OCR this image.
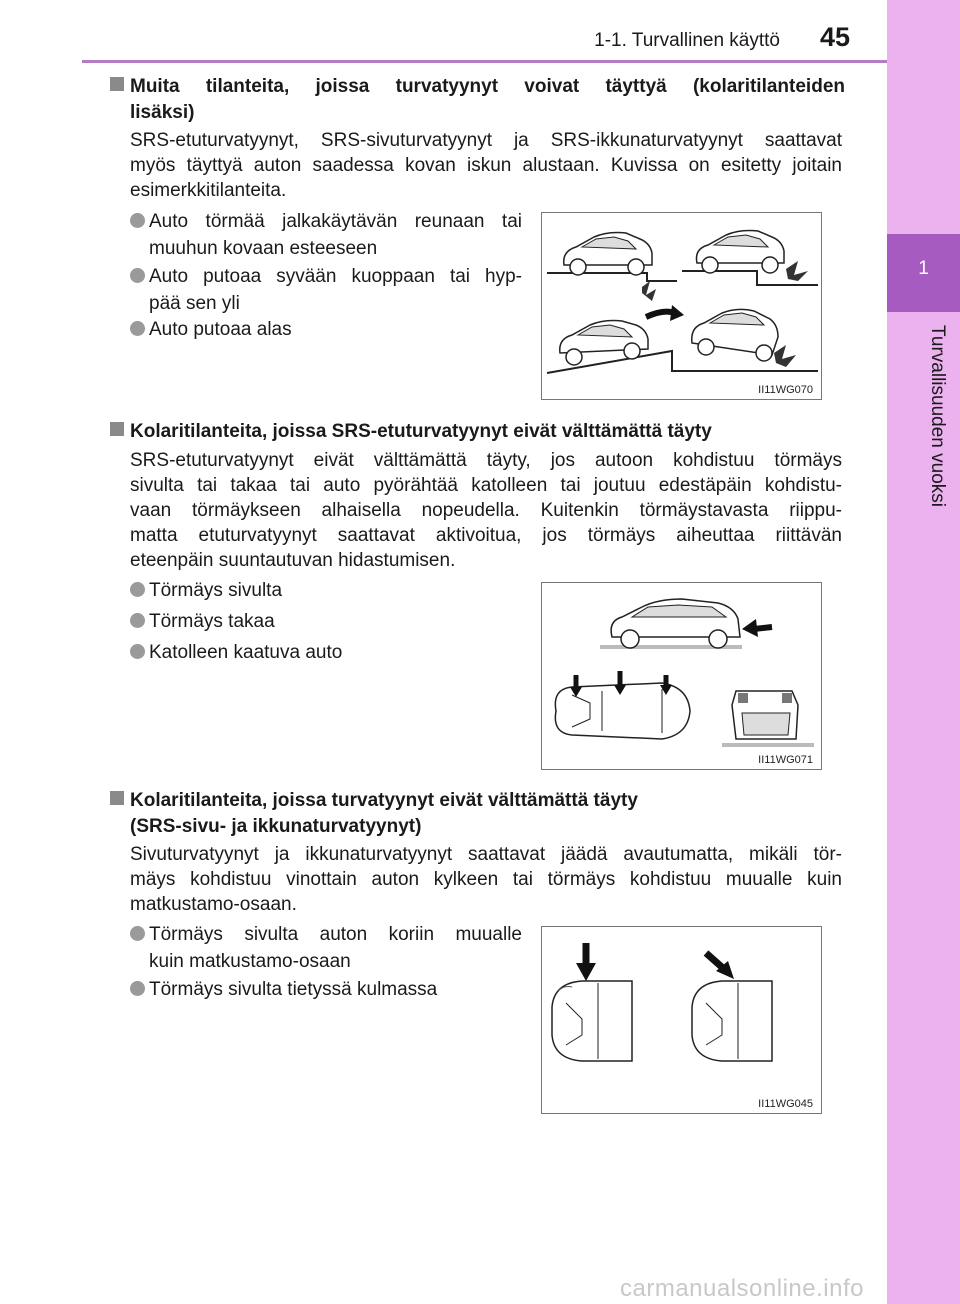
1-1. Turvallinen käyttö 45
1
Turvallisuuden vuoksi
Muita tilanteita, joissa turvatyynyt voivat täyttyä (kolaritilanteiden
lisäksi)
SRS-etuturvatyynyt, SRS-sivuturvatyynyt ja SRS-ikkunaturvatyynyt saattavat
myös täyttyä auton saadessa kovan iskun alustaan. Kuvissa on esitetty joitain
esimerkkitilanteita.
Auto törmää jalkakäytävän reunaan tai
muuhun kovaan esteeseen
Auto putoaa syvään kuoppaan tai hyp-
pää sen yli
Auto putoaa alas
II11WG070
Kolaritilanteita, joissa SRS-etuturvatyynyt eivät välttämättä täyty
SRS-etuturvatyynyt eivät välttämättä täyty, jos autoon kohdistuu törmäys
sivulta tai takaa tai auto pyörähtää katolleen tai joutuu edestäpäin kohdistu-
vaan törmäykseen alhaisella nopeudella. Kuitenkin törmäystavasta riippu-
matta etuturvatyynyt saattavat aktivoitua, jos törmäys aiheuttaa riittävän
eteenpäin suuntautuvan hidastumisen.
Törmäys sivulta
Törmäys takaa
Katolleen kaatuva auto
II11WG071
Kolaritilanteita, joissa turvatyynyt eivät välttämättä täyty
(SRS-sivu- ja ikkunaturvatyynyt)
Sivuturvatyynyt ja ikkunaturvatyynyt saattavat jäädä avautumatta, mikäli tör-
mäys kohdistuu vinottain auton kylkeen tai törmäys kohdistuu muualle kuin
matkustamo-osaan.
Törmäys sivulta auton koriin muualle
kuin matkustamo-osaan
Törmäys sivulta tietyssä kulmassa
II11WG045
carmanualsonline.info
